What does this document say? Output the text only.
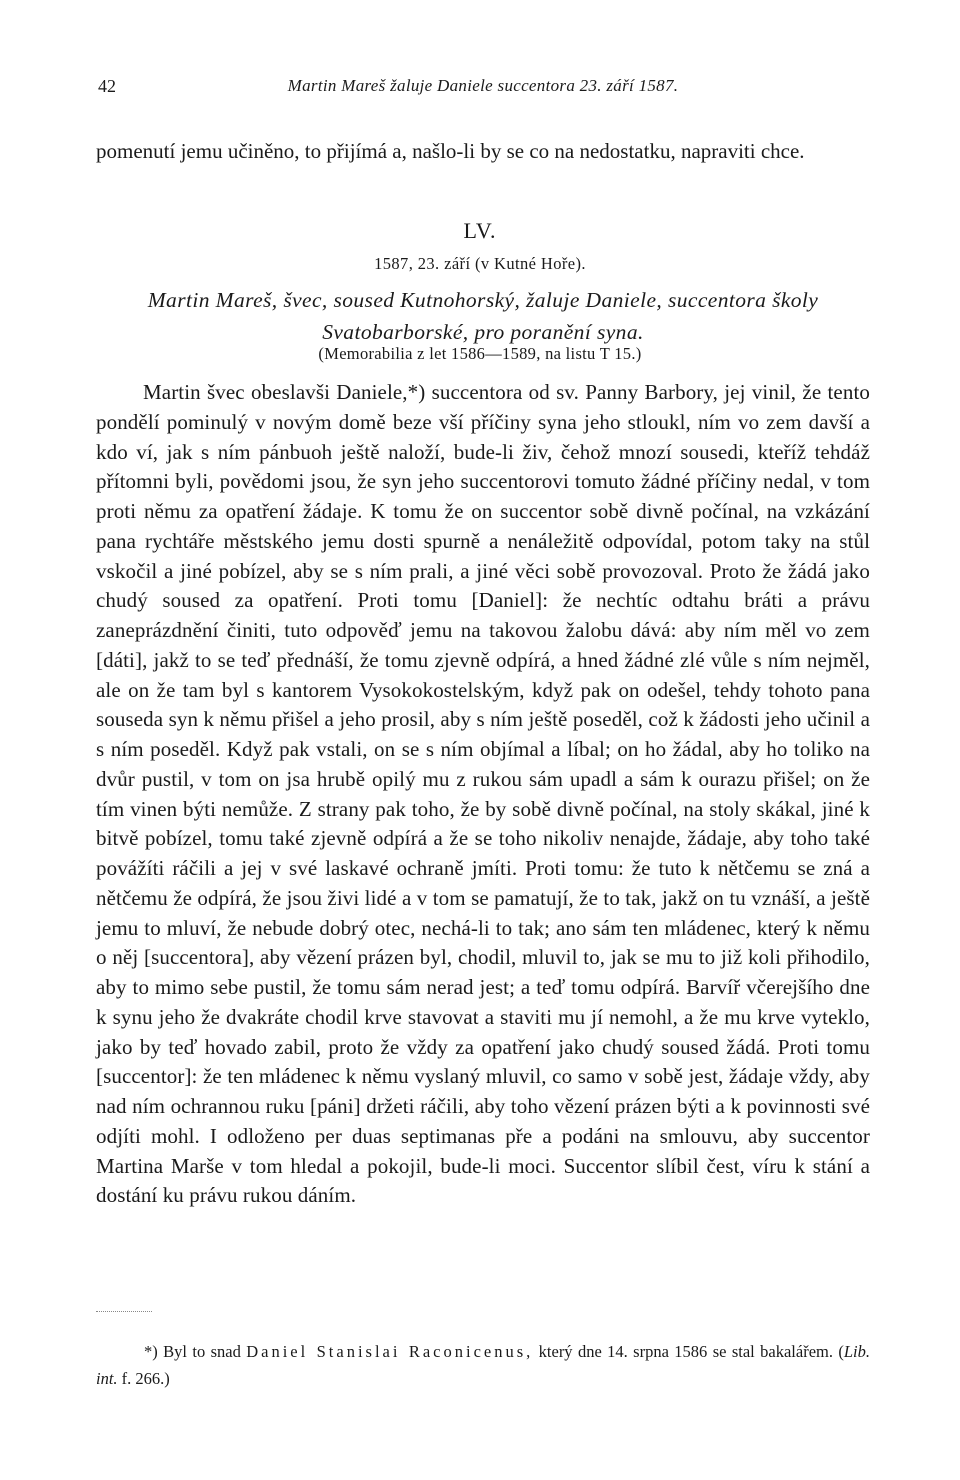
42	Martin Mareš žaluje Daniele succentora 23. září 1587.
pomenutí jemu učiněno, to přijímá a, našlo-li by se co na nedostatku, napraviti chce.
LV.
1587, 23. září (v Kutné Hoře).
Martin Mareš, švec, soused Kutnohorský, žaluje Daniele, succentora školy Svatobarborské, pro poranění syna.
(Memorabilia z let 1586—1589, na listu T 15.)
Martin švec obeslavši Daniele,*) succentora od sv. Panny Barbory, jej vinil, že tento pondělí pominulý v novým domě beze vší příčiny syna jeho stloukl, ním vo zem davší a kdo ví, jak s ním pánbuoh ještě naloží, bude-li živ, čehož mnozí sousedi, kteříž tehdáž přítomni byli, povědomi jsou, že syn jeho succentorovi tomuto žádné příčiny nedal, v tom proti němu za opatření žádaje. K tomu že on succentor sobě divně počínal, na vzkázání pana rychtáře městského jemu dosti spurně a nenáležitě odpovídal, potom taky na stůl vskočil a jiné pobízel, aby se s ním prali, a jiné věci sobě provozoval. Proto že žádá jako chudý soused za opatření. Proti tomu [Daniel]: že nechtíc odtahu bráti a právu zaneprázdnění činiti, tuto odpověď jemu na takovou žalobu dává: aby ním měl vo zem [dáti], jakž to se teď přednáší, že tomu zjevně odpírá, a hned žádné zlé vůle s ním nejměl, ale on že tam byl s kantorem Vysokokostelským, když pak on odešel, tehdy tohoto pana souseda syn k němu přišel a jeho prosil, aby s ním ještě poseděl, což k žádosti jeho učinil a s ním poseděl. Když pak vstali, on se s ním objímal a líbal; on ho žádal, aby ho toliko na dvůr pustil, v tom on jsa hrubě opilý mu z rukou sám upadl a sám k ourazu přišel; on že tím vinen býti nemůže. Z strany pak toho, že by sobě divně počínal, na stoly skákal, jiné k bitvě pobízel, tomu také zjevně odpírá a že se toho nikoliv nenajde, žádaje, aby toho také povážíti ráčili a jej v své laskavé ochraně jmíti. Proti tomu: že tuto k nětčemu se zná a nětčemu že odpírá, že jsou živi lidé a v tom se pamatují, že to tak, jakž on tu vznáší, a ještě jemu to mluví, že nebude dobrý otec, nechá-li to tak; ano sám ten mládenec, který k němu o něj [succentora], aby vězení prázen byl, chodil, mluvil to, jak se mu to již koli přihodilo, aby to mimo sebe pustil, že tomu sám nerad jest; a teď tomu odpírá. Barvíř včerejšího dne k synu jeho že dvakráte chodil krve stavovat a staviti mu jí nemohl, a že mu krve vyteklo, jako by teď hovado zabil, proto že vždy za opatření jako chudý soused žádá. Proti tomu [succentor]: že ten mládenec k němu vyslaný mluvil, co samo v sobě jest, žádaje vždy, aby nad ním ochrannou ruku [páni] držeti ráčili, aby toho vězení prázen býti a k povinnosti své odjíti mohl. I odloženo per duas septimanas pře a podáni na smlouvu, aby succentor Martina Marše v tom hledal a pokojil, bude-li moci. Succentor slíbil čest, víru k stání a dostání ku právu rukou dáním.
*) Byl to snad Daniel Stanislai Raconicenus, který dne 14. srpna 1586 se stal bakalářem. (Lib. int. f. 266.)
